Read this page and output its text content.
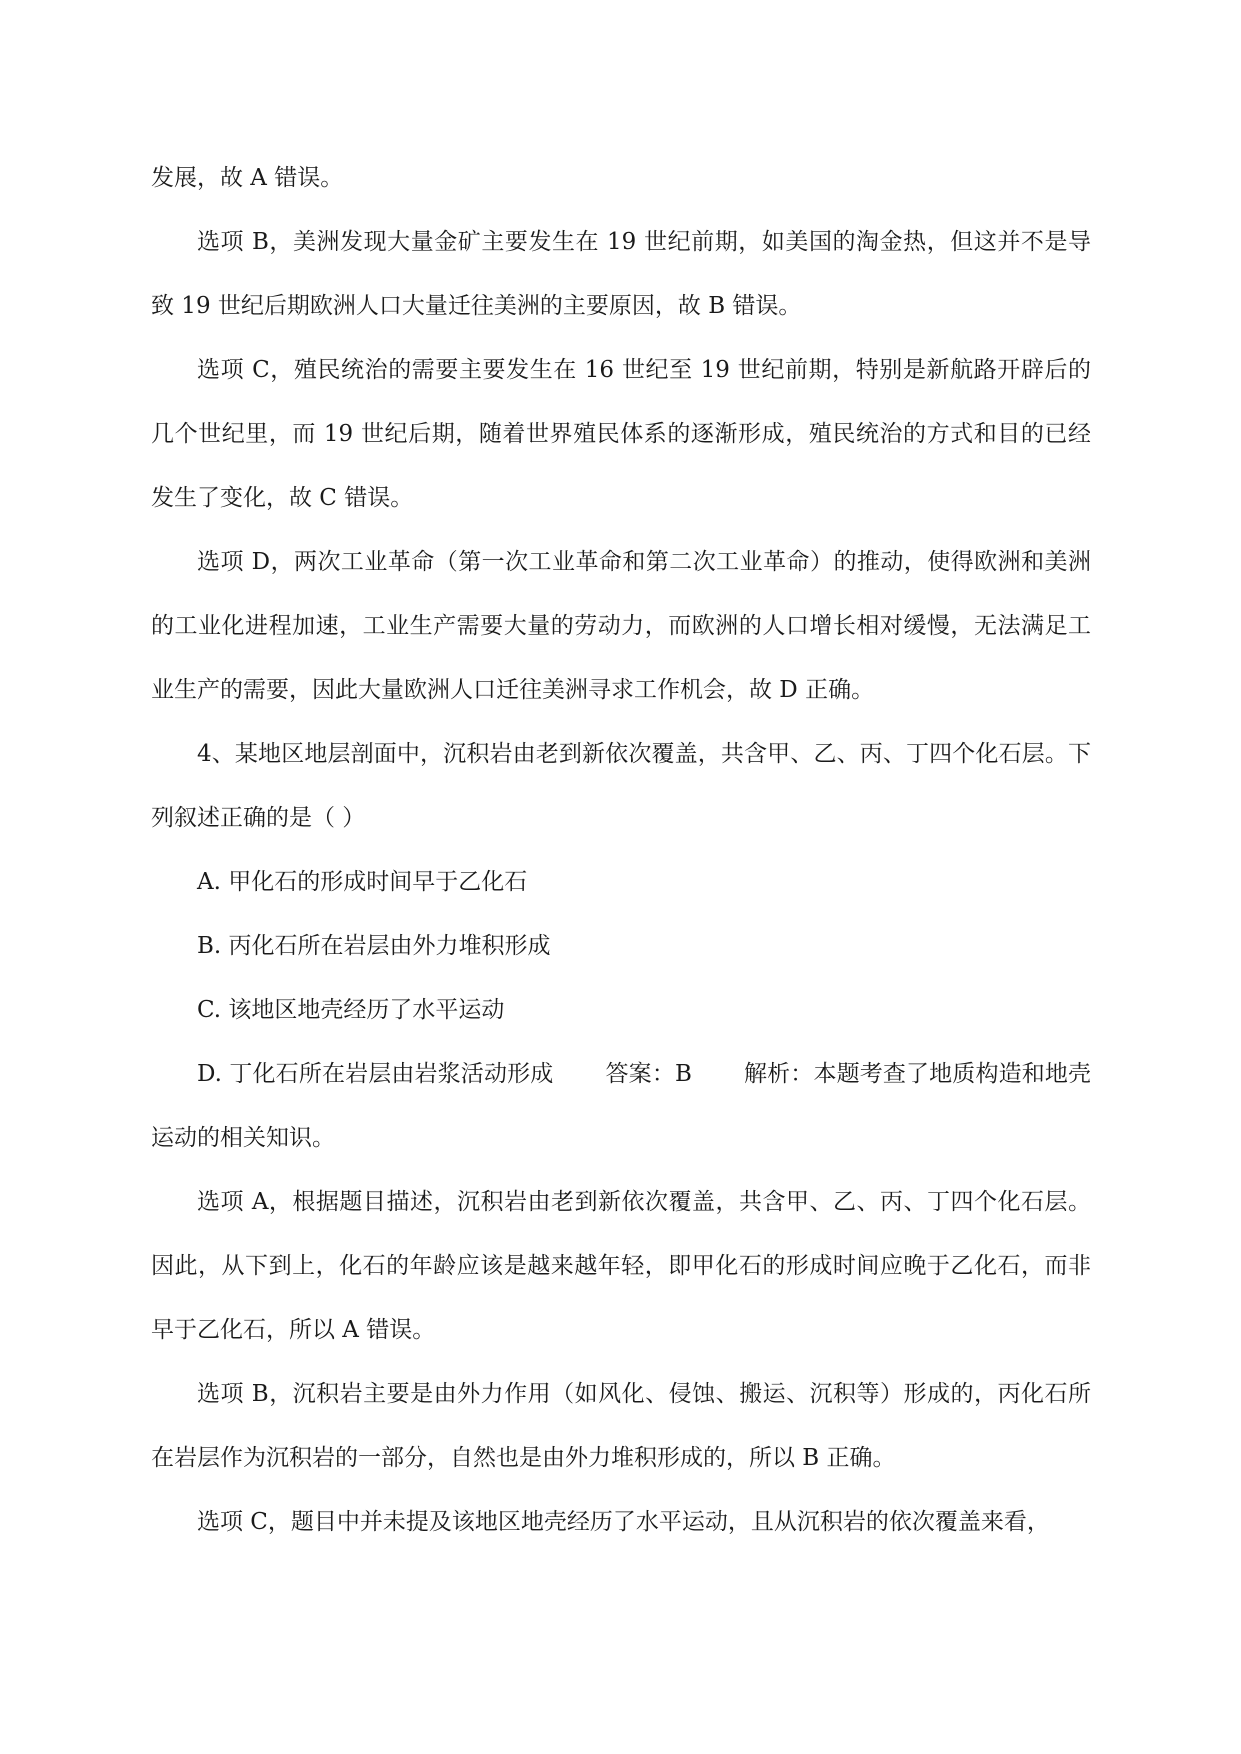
发展，故 A 错误。

选项 B，美洲发现大量金矿主要发生在 19 世纪前期，如美国的淘金热，但这并不是导致 19 世纪后期欧洲人口大量迁往美洲的主要原因，故 B 错误。

选项 C，殖民统治的需要主要发生在 16 世纪至 19 世纪前期，特别是新航路开辟后的几个世纪里，而 19 世纪后期，随着世界殖民体系的逐渐形成，殖民统治的方式和目的已经发生了变化，故 C 错误。

选项 D，两次工业革命（第一次工业革命和第二次工业革命）的推动，使得欧洲和美洲的工业化进程加速，工业生产需要大量的劳动力，而欧洲的人口增长相对缓慢，无法满足工业生产的需要，因此大量欧洲人口迁往美洲寻求工作机会，故 D 正确。

4、某地区地层剖面中，沉积岩由老到新依次覆盖，共含甲、乙、丙、丁四个化石层。下列叙述正确的是（ ）

A. 甲化石的形成时间早于乙化石

B. 丙化石所在岩层由外力堆积形成

C. 该地区地壳经历了水平运动

D. 丁化石所在岩层由岩浆活动形成 答案：B 解析：本题考查了地质构造和地壳运动的相关知识。

选项 A，根据题目描述，沉积岩由老到新依次覆盖，共含甲、乙、丙、丁四个化石层。因此，从下到上，化石的年龄应该是越来越年轻，即甲化石的形成时间应晚于乙化石，而非早于乙化石，所以 A 错误。

选项 B，沉积岩主要是由外力作用（如风化、侵蚀、搬运、沉积等）形成的，丙化石所在岩层作为沉积岩的一部分，自然也是由外力堆积形成的，所以 B 正确。

选项 C，题目中并未提及该地区地壳经历了水平运动，且从沉积岩的依次覆盖来看，
